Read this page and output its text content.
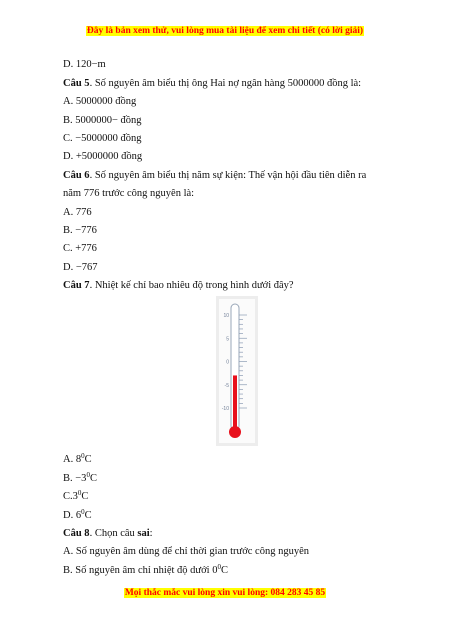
Đây là bản xem thử, vui lòng mua tài liệu để xem chi tiết (có lời giải)
D. 120−m
Câu 5. Số nguyên âm biểu thị ông Hai nợ ngân hàng 5000000 đồng là:
A. 5000000 đồng
B. 5000000− đồng
C. −5000000 đồng
D. +5000000 đồng
Câu 6. Số nguyên âm biểu thị năm sự kiện: Thế vận hội đầu tiên diễn ra
năm 776 trước công nguyên là:
A. 776
B. −776
C. +776
D. −767
Câu 7. Nhiệt kế chỉ bao nhiêu độ trong hình dưới đây?
10
5
0
-5
-10
A. $8^0C$
B. $-3^0C$
$C.3^0C$
D. $6^0C$
Câu 8. Chọn câu sai:
A. Số nguyên âm dùng để chỉ thời gian trước công nguyên
B. Số nguyên âm chỉ nhiệt độ dưới $0^0C$
Mọi thắc mắc vui lòng xin vui lòng: 084 283 45 85
